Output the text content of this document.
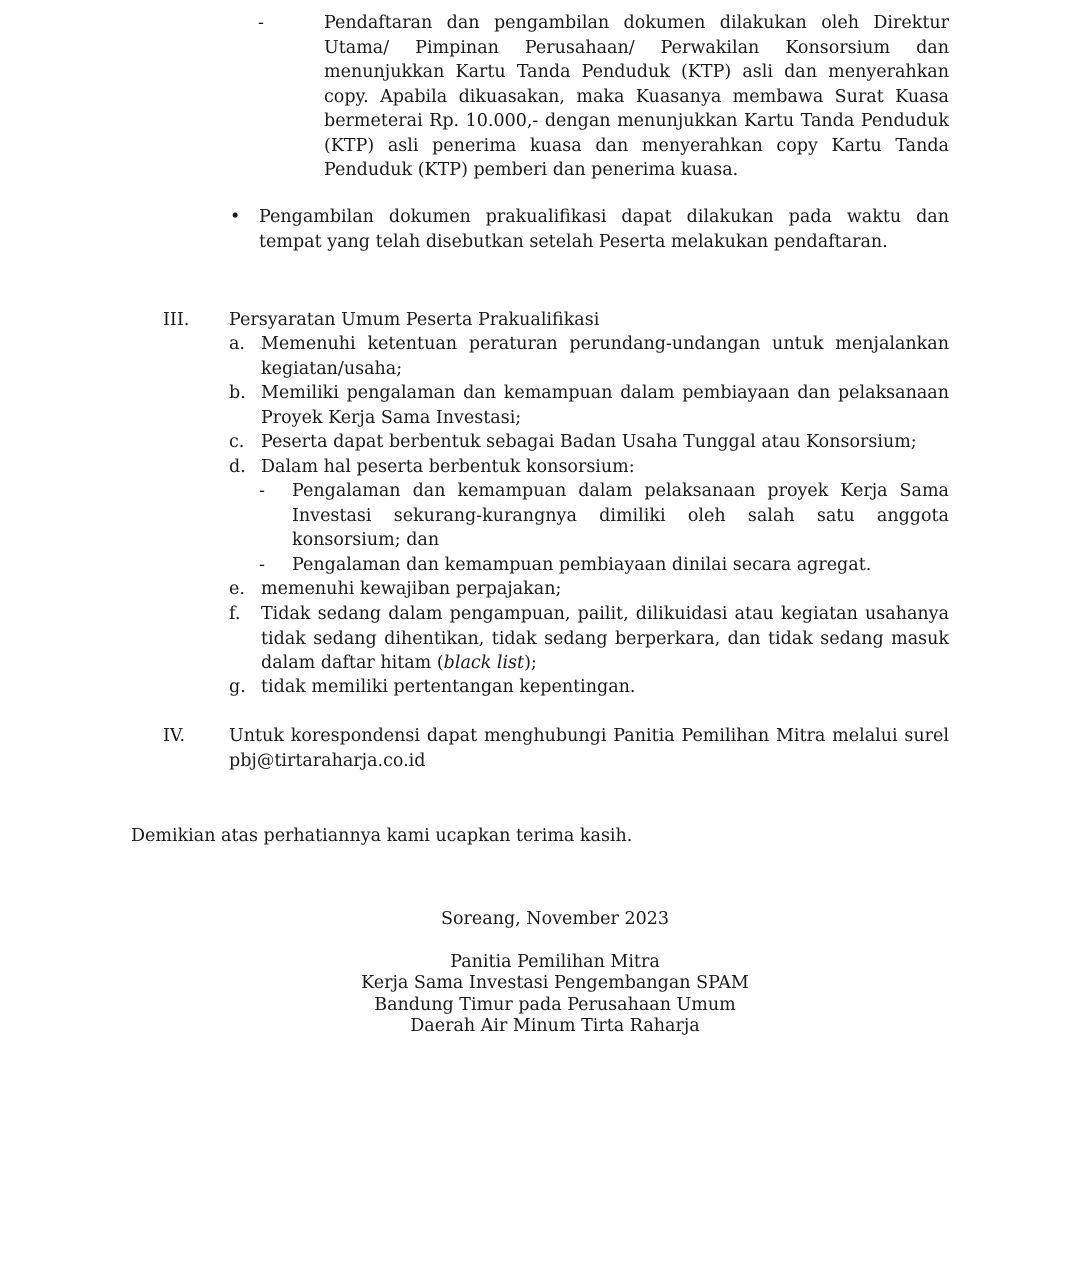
-	Pendaftaran dan pengambilan dokumen dilakukan oleh Direktur Utama/ Pimpinan Perusahaan/ Perwakilan Konsorsium dan menunjukkan Kartu Tanda Penduduk (KTP) asli dan menyerahkan copy. Apabila dikuasakan, maka Kuasanya membawa Surat Kuasa bermeterai Rp. 10.000,- dengan menunjukkan Kartu Tanda Penduduk (KTP) asli penerima kuasa dan menyerahkan copy Kartu Tanda Penduduk (KTP) pemberi dan penerima kuasa.
• Pengambilan dokumen prakualifikasi dapat dilakukan pada waktu dan tempat yang telah disebutkan setelah Peserta melakukan pendaftaran.
III. Persyaratan Umum Peserta Prakualifikasi
a. Memenuhi ketentuan peraturan perundang-undangan untuk menjalankan kegiatan/usaha;
b. Memiliki pengalaman dan kemampuan dalam pembiayaan dan pelaksanaan Proyek Kerja Sama Investasi;
c. Peserta dapat berbentuk sebagai Badan Usaha Tunggal atau Konsorsium;
d. Dalam hal peserta berbentuk konsorsium:
- Pengalaman dan kemampuan dalam pelaksanaan proyek Kerja Sama Investasi sekurang-kurangnya dimiliki oleh salah satu anggota konsorsium; dan
- Pengalaman dan kemampuan pembiayaan dinilai secara agregat.
e. memenuhi kewajiban perpajakan;
f. Tidak sedang dalam pengampuan, pailit, dilikuidasi atau kegiatan usahanya tidak sedang dihentikan, tidak sedang berperkara, dan tidak sedang masuk dalam daftar hitam (black list);
g. tidak memiliki pertentangan kepentingan.
IV.	Untuk korespondensi dapat menghubungi Panitia Pemilihan Mitra melalui surel pbj@tirtaraharja.co.id
Demikian atas perhatiannya kami ucapkan terima kasih.
Soreang, November 2023
Panitia Pemilihan Mitra
Kerja Sama Investasi Pengembangan SPAM
Bandung Timur pada Perusahaan Umum
Daerah Air Minum Tirta Raharja
